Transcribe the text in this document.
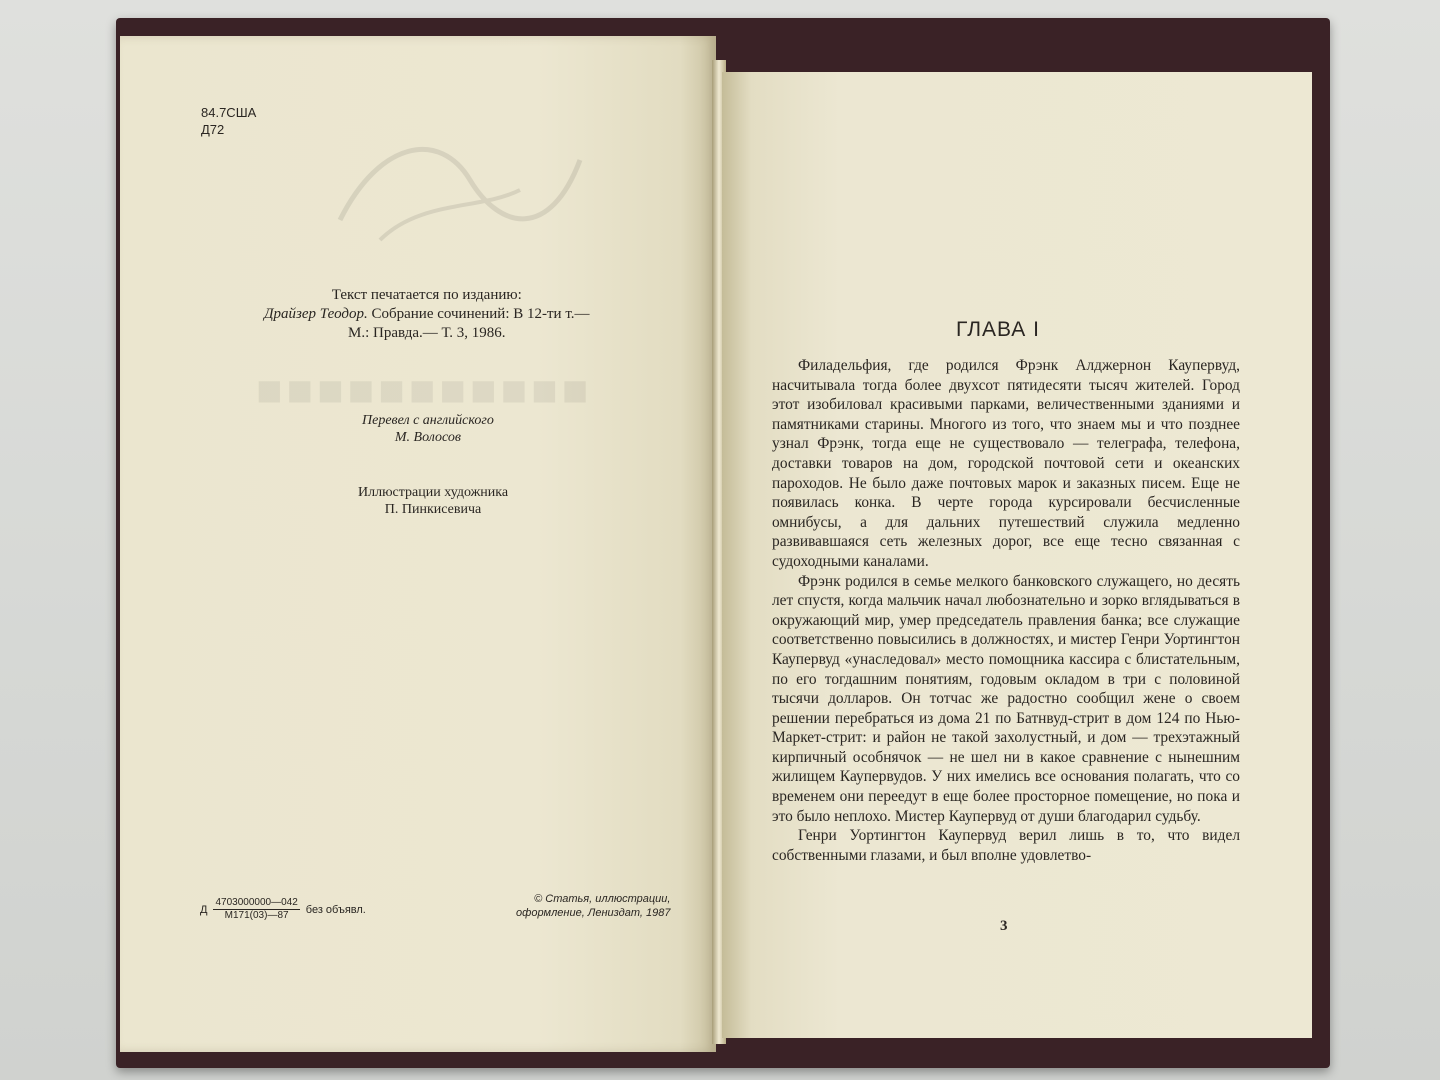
■■■■■■■■■■■
84.7США
Д72
Текст печатается по изданию:
Драйзер Теодор. Собрание сочинений: В 12-ти т.—
М.: Правда.— Т. 3, 1986.
Перевел с английского
М. Волосов
Иллюстрации художника
П. Пинкисевича
Д $\frac{4703000000—042}{М171(03)—87}$ без объявл.
© Статья, иллюстрации,
оформление, Лениздат, 1987
ГЛАВА I

Филадельфия, где родился Фрэнк Алджернон Каупервуд, насчитывала тогда более двухсот пятидесяти тысяч жителей. Город этот изобиловал красивыми парками, величественными зданиями и памятниками старины. Многого из того, что знаем мы и что позднее узнал Фрэнк, тогда еще не существовало — телеграфа, телефона, доставки товаров на дом, городской почтовой сети и океанских пароходов. Не было даже почтовых марок и заказных писем. Еще не появилась конка. В черте города курсировали бесчисленные омнибусы, а для дальних путешествий служила медленно развивавшаяся сеть железных дорог, все еще тесно связанная с судоходными каналами.

Фрэнк родился в семье мелкого банковского служащего, но десять лет спустя, когда мальчик начал любознательно и зорко вглядываться в окружающий мир, умер председатель правления банка; все служащие соответственно повысились в должностях, и мистер Генри Уортингтон Каупервуд «унаследовал» место помощника кассира с блистательным, по его тогдашним понятиям, годовым окладом в три с половиной тысячи долларов. Он тотчас же радостно сообщил жене о своем решении перебраться из дома 21 по Батнвуд-стрит в дом 124 по Нью-Маркет-стрит: и район не такой захолустный, и дом — трехэтажный кирпичный особнячок — не шел ни в какое сравнение с нынешним жилищем Каупервудов. У них имелись все основания полагать, что со временем они переедут в еще более просторное помещение, но пока и это было неплохо. Мистер Каупервуд от души благодарил судьбу.

Генри Уортингтон Каупервуд верил лишь в то, что видел собственными глазами, и был вполне удовлетво-

3
